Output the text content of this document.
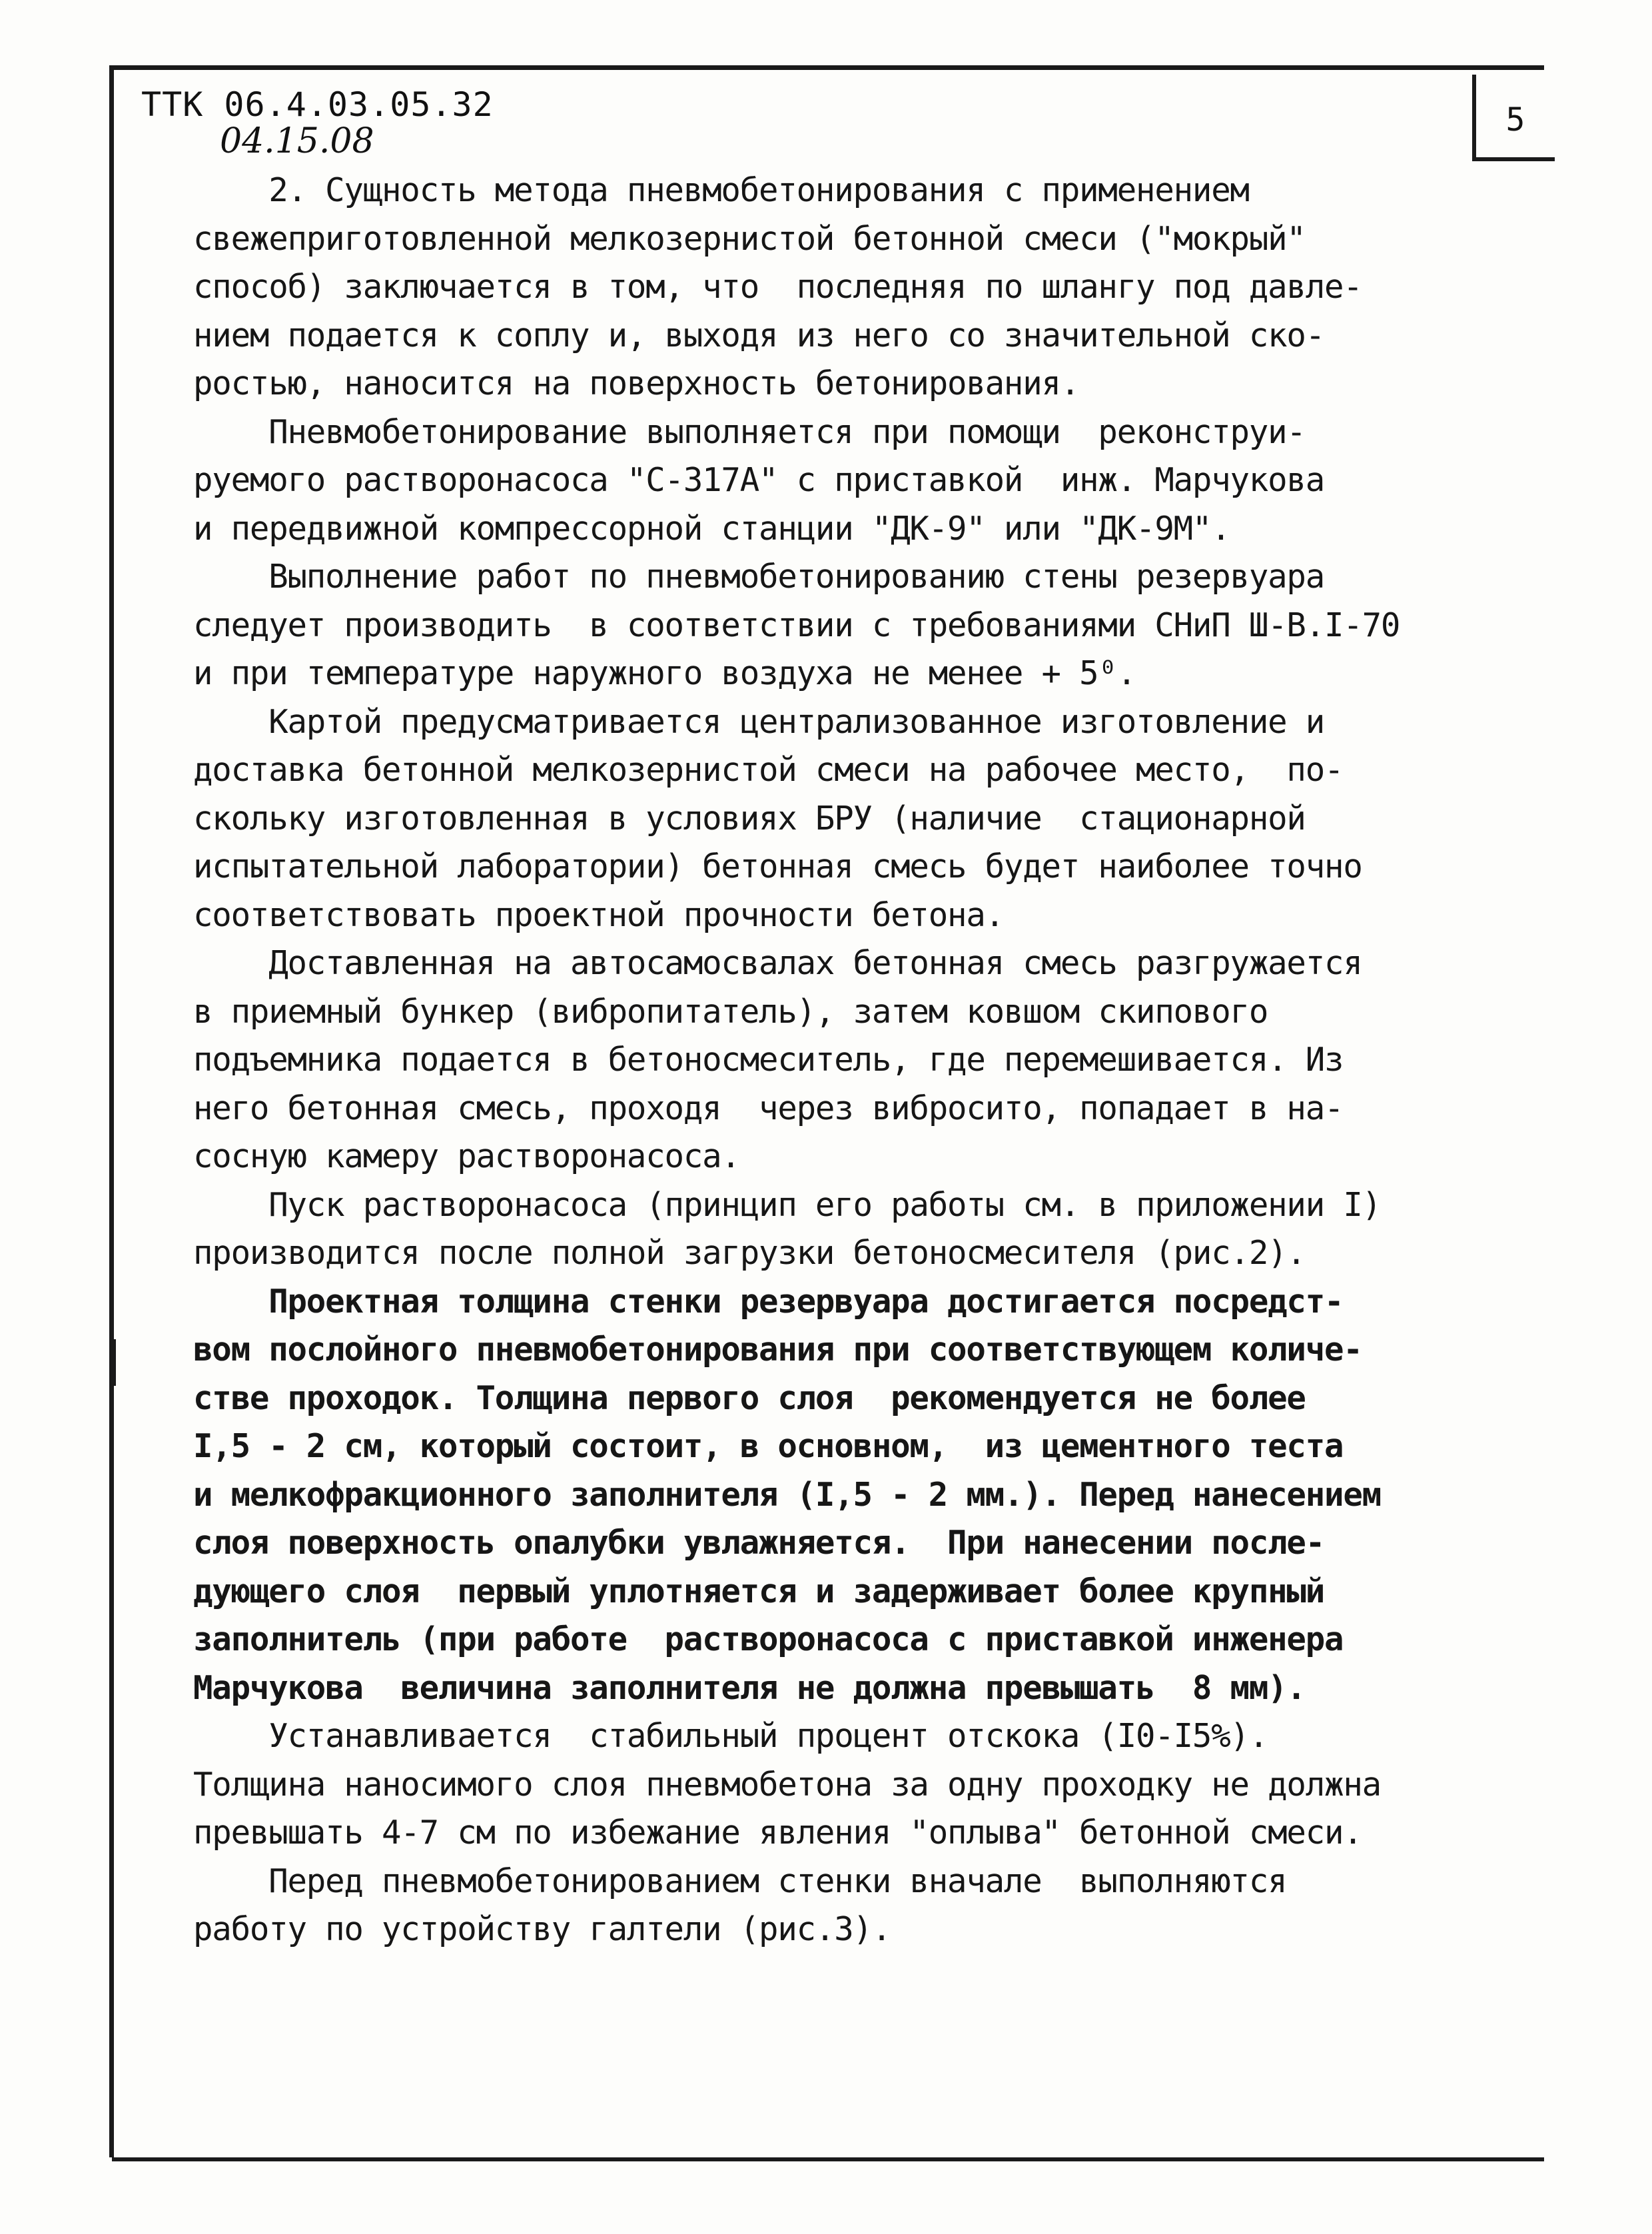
ТТК 06.4.03.05.32
04.15.08
5
2. Сущность метода пневмобетонирования с применением
свежеприготовленной мелкозернистой бетонной смеси ("мокрый"
способ) заключается в том, что  последняя по шлангу под давле-
нием подается к соплу и, выходя из него со значительной ско-
ростью, наносится на поверхность бетонирования.
Пневмобетонирование выполняется при помощи  реконструи-
руемого растворонасоса "С-317А" с приставкой  инж. Марчукова
и передвижной компрессорной станции "ДК-9" или "ДК-9М".
Выполнение работ по пневмобетонированию стены резервуара
следует производить  в соответствии с требованиями СНиП Ш-В.I-70
и при температуре наружного воздуха не менее + 5⁰.
Картой предусматривается централизованное изготовление и
доставка бетонной мелкозернистой смеси на рабочее место,  по-
скольку изготовленная в условиях БРУ (наличие  стационарной
испытательной лаборатории) бетонная смесь будет наиболее точно
соответствовать проектной прочности бетона.
Доставленная на автосамосвалах бетонная смесь разгружается
в приемный бункер (вибропитатель), затем ковшом скипового
подъемника подается в бетоносмеситель, где перемешивается. Из
него бетонная смесь, проходя  через вибросито, попадает в на-
сосную камеру растворонасоса.
Пуск растворонасоса (принцип его работы см. в приложении I)
производится после полной загрузки бетоносмесителя (рис.2).
Проектная толщина стенки резервуара достигается посредст-
вом послойного пневмобетонирования при соответствующем количе-
стве проходок. Толщина первого слоя  рекомендуется не более
I,5 - 2 см, который состоит, в основном,  из цементного теста
и мелкофракционного заполнителя (I,5 - 2 мм.). Перед нанесением
слоя поверхность опалубки увлажняется.  При нанесении после-
дующего слоя  первый уплотняется и задерживает более крупный
заполнитель (при работе  растворонасоса с приставкой инженера
Марчукова  величина заполнителя не должна превышать  8 мм).
Устанавливается  стабильный процент отскока (I0-I5%).
Толщина наносимого слоя пневмобетона за одну проходку не должна
превышать 4-7 см по избежание явления "оплыва" бетонной смеси.
Перед пневмобетонированием стенки вначале  выполняются
работу по устройству галтели (рис.3).
